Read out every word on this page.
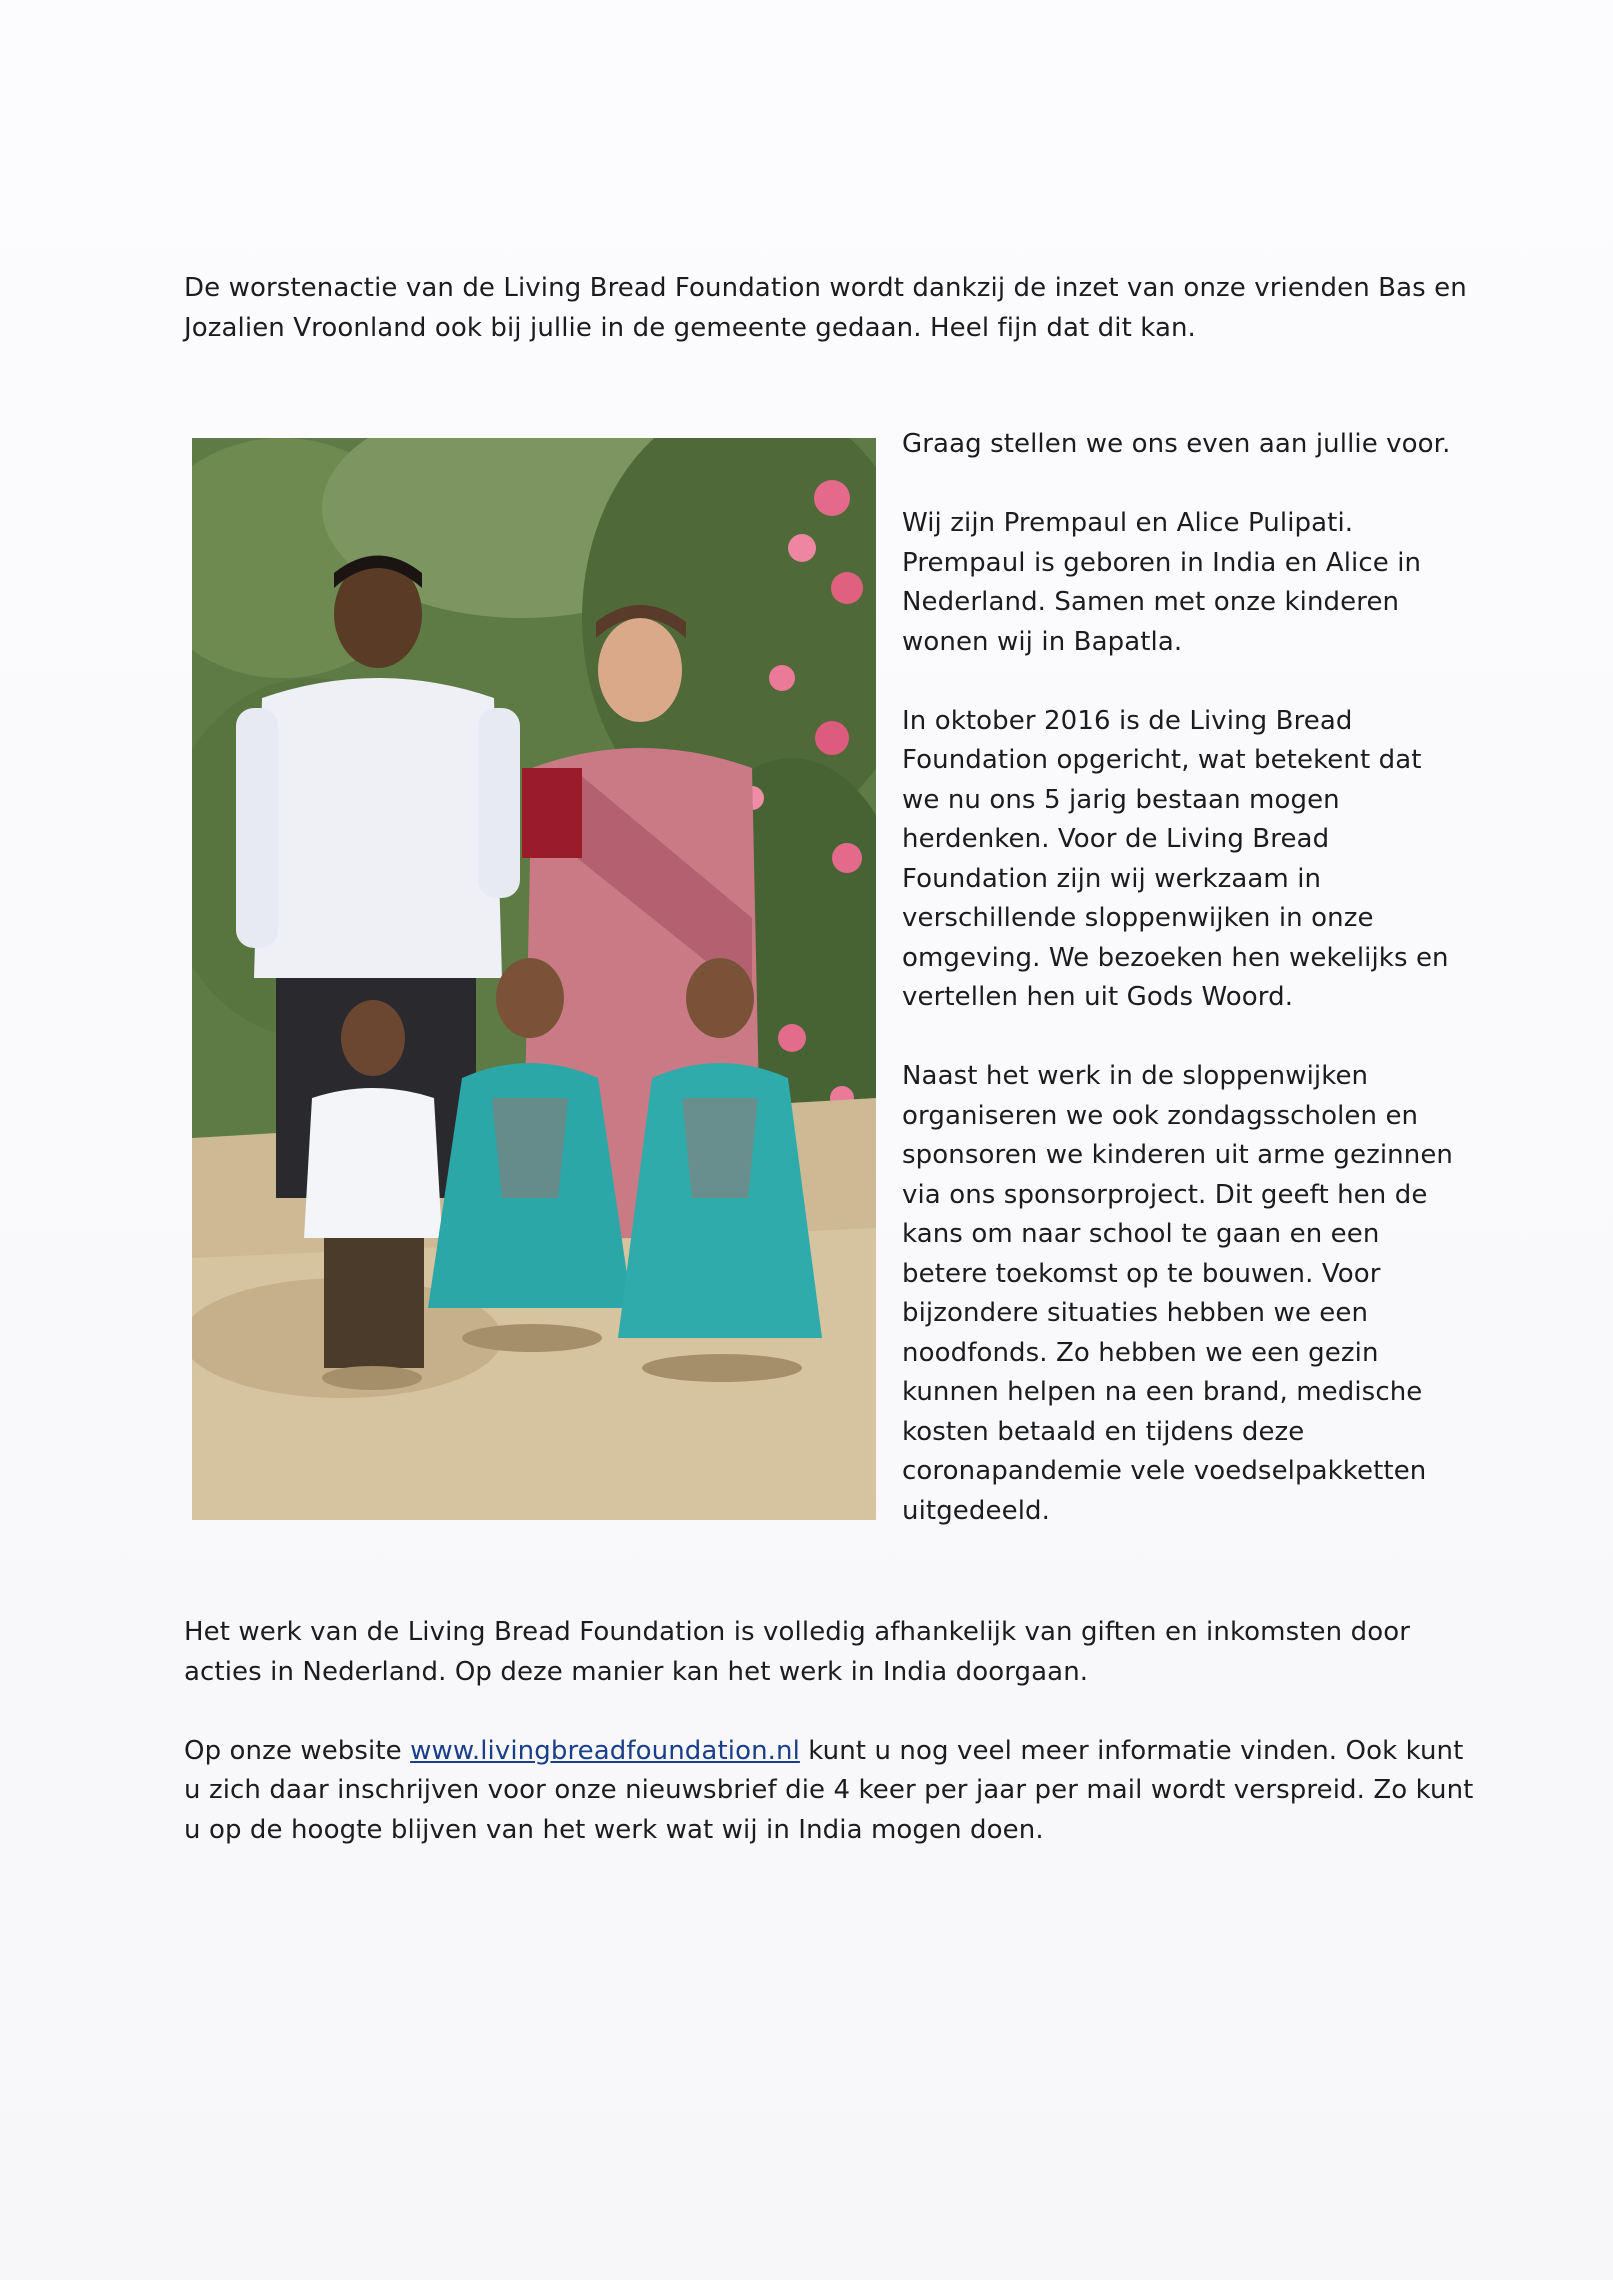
De worstenactie van de Living Bread Foundation wordt dankzij de inzet van onze vrienden Bas en Jozalien Vroonland ook bij jullie in de gemeente gedaan. Heel fijn dat dit kan.

Graag stellen we ons even aan jullie voor.

Wij zijn Prempaul en Alice Pulipati. Prempaul is geboren in India en Alice in Nederland. Samen met onze kinderen wonen wij in Bapatla.

In oktober 2016 is de Living Bread Foundation opgericht, wat betekent dat we nu ons 5 jarig bestaan mogen herdenken. Voor de Living Bread Foundation zijn wij werkzaam in verschillende sloppenwijken in onze omgeving. We bezoeken hen wekelijks en vertellen hen uit Gods Woord.

Naast het werk in de sloppenwijken organiseren we ook zondagsscholen en sponsoren we kinderen uit arme gezinnen via ons sponsorproject. Dit geeft hen de kans om naar school te gaan en een betere toekomst op te bouwen. Voor bijzondere situaties hebben we een noodfonds. Zo hebben we een gezin kunnen helpen na een brand, medische kosten betaald en tijdens deze coronapandemie vele voedselpakketten uitgedeeld.

Het werk van de Living Bread Foundation is volledig afhankelijk van giften en inkomsten door acties in Nederland. Op deze manier kan het werk in India doorgaan.

Op onze website www.livingbreadfoundation.nl kunt u nog veel meer informatie vinden. Ook kunt u zich daar inschrijven voor onze nieuwsbrief die 4 keer per jaar per mail wordt verspreid. Zo kunt u op de hoogte blijven van het werk wat wij in India mogen doen.
